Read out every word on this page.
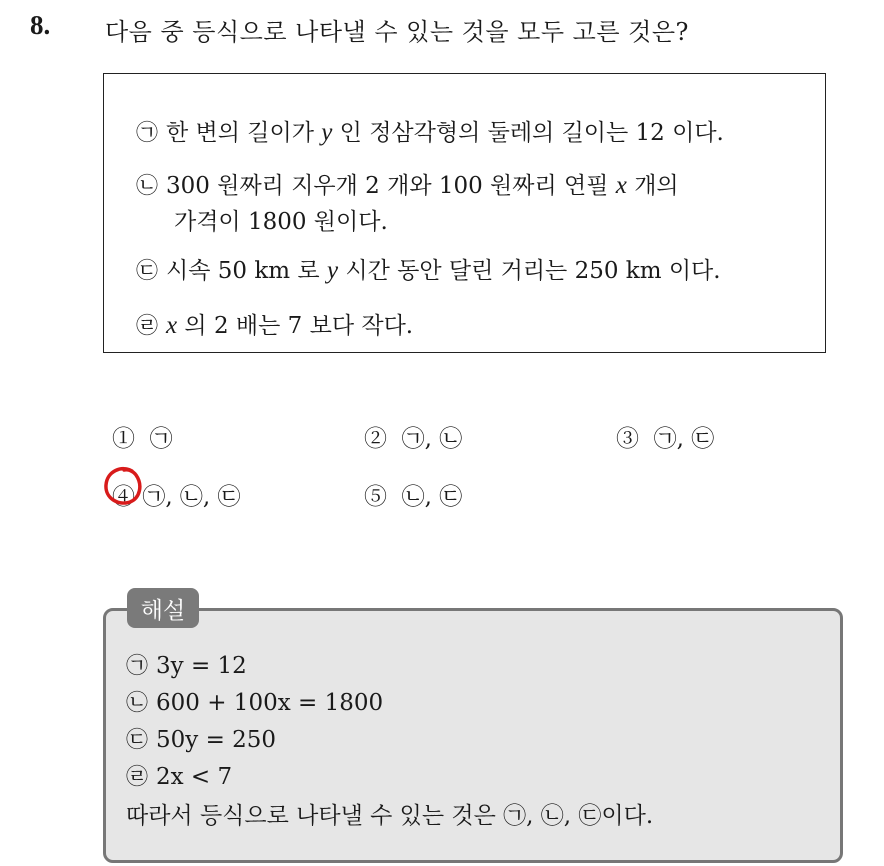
8. 다음 중 등식으로 나타낼 수 있는 것을 모두 고른 것은?
㉠ 한 변의 길이가 y 인 정삼각형의 둘레의 길이는 12 이다.
㉡ 300 원짜리 지우개 2 개와 100 원짜리 연필 x 개의
가격이 1800 원이다.
㉢ 시속 50 km 로 y 시간 동안 달린 거리는 250 km 이다.
㉣ x 의 2 배는 7 보다 작다.
① ㉠	② ㉠, ㉡	③ ㉠, ㉢
④ ㉠, ㉡, ㉢	⑤ ㉡, ㉢
㉠ 3y = 12
㉡ 600 + 100x = 1800
㉢ 50y = 250
㉣ 2x < 7
따라서 등식으로 나타낼 수 있는 것은 ㉠, ㉡, ㉢이다.
해설
